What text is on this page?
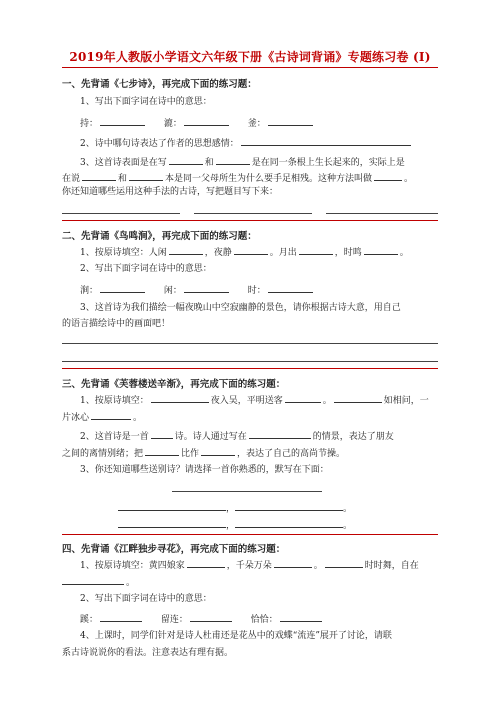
2019年人教版小学语文六年级下册《古诗词背诵》专题练习卷 (I)
一、先背诵《七步诗》，再完成下面的练习题：
1、写出下面字词在诗中的意思：
持：	漉：	釜：
2、诗中哪句诗表达了作者的思想感情：
3、这首诗表面是在写	和	是在同一条根上生长起来的，实际上是
在说	和	本是同一父母所生为什么要手足相残。这种方法叫做	。
你还知道哪些运用这种手法的古诗，写把题目写下来：
二、先背诵《鸟鸣涧》，再完成下面的练习题：
1、按原诗填空：人闲	，夜静	。月出	，时鸣	。
2、写出下面字词在诗中的意思：
涧：	闲：	时：
3、这首诗为我们描绘一幅夜晚山中空寂幽静的景色，请你根据古诗大意，用自己
的语言描绘诗中的画面吧！
三、先背诵《芙蓉楼送辛渐》，再完成下面的练习题：
1、按原诗填空：	夜入吴，平明送客	。	如相问，一
片冰心	。
2、这首诗是一首	诗。诗人通过写在	的情景，表达了朋友
之间的离情别绪；把	比作	，表达了自己的高尚节操。
3、你还知道哪些送别诗？请选择一首你熟悉的，默写在下面：
，	。
，	。
四、先背诵《江畔独步寻花》，再完成下面的练习题：
1、按原诗填空：黄四娘家	，千朵万朵	。	时时舞，自在
。
2、写出下面字词在诗中的意思：
蹊：	留连：	恰恰：
4、上课时，同学们针对是诗人杜甫还是花丛中的戏蝶“流连”展开了讨论，请联
系古诗说说你的看法。注意表达有理有据。
